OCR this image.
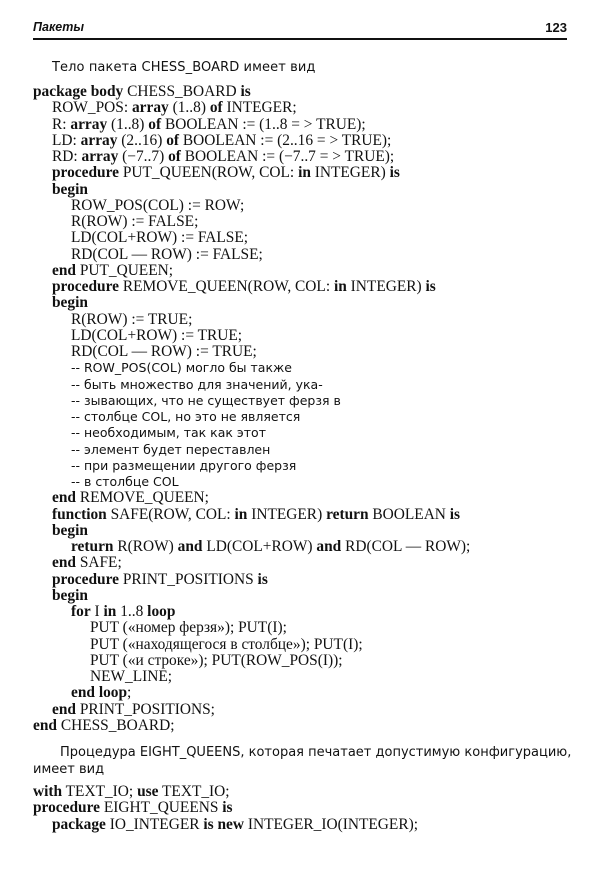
Пакеты	123
Тело пакета CHESS_BOARD имеет вид
package body CHESS_BOARD is
ROW_POS: array (1..8) of INTEGER;
R: array (1..8) of BOOLEAN := (1..8 = > TRUE);
LD: array (2..16) of BOOLEAN := (2..16 = > TRUE);
RD: array (−7..7) of BOOLEAN := (−7..7 = > TRUE);
procedure PUT_QUEEN(ROW, COL: in INTEGER) is
begin
ROW_POS(COL) := ROW;
R(ROW) := FALSE;
LD(COL+ROW) := FALSE;
RD(COL — ROW) := FALSE;
end PUT_QUEEN;
procedure REMOVE_QUEEN(ROW, COL: in INTEGER) is
begin
R(ROW) := TRUE;
LD(COL+ROW) := TRUE;
RD(COL — ROW) := TRUE;
-- ROW_POS(COL) могло бы также
-- быть множество для значений, ука-
-- зывающих, что не существует ферзя в
-- столбце COL, но это не является
-- необходимым, так как этот
-- элемент будет переставлен
-- при размещении другого ферзя
-- в столбце COL
end REMOVE_QUEEN;
function SAFE(ROW, COL: in INTEGER) return BOOLEAN is
begin
return R(ROW) and LD(COL+ROW) and RD(COL — ROW);
end SAFE;
procedure PRINT_POSITIONS is
begin
for I in 1..8 loop
PUT («номер ферзя»); PUT(I);
PUT («находящегося в столбце»); PUT(I);
PUT («и строке»); PUT(ROW_POS(I));
NEW_LINE;
end loop;
end PRINT_POSITIONS;
end CHESS_BOARD;
Процедура EIGHT_QUEENS, которая печатает допустимую конфигурацию,
имеет вид
with TEXT_IO; use TEXT_IO;
procedure EIGHT_QUEENS is
package IO_INTEGER is new INTEGER_IO(INTEGER);
